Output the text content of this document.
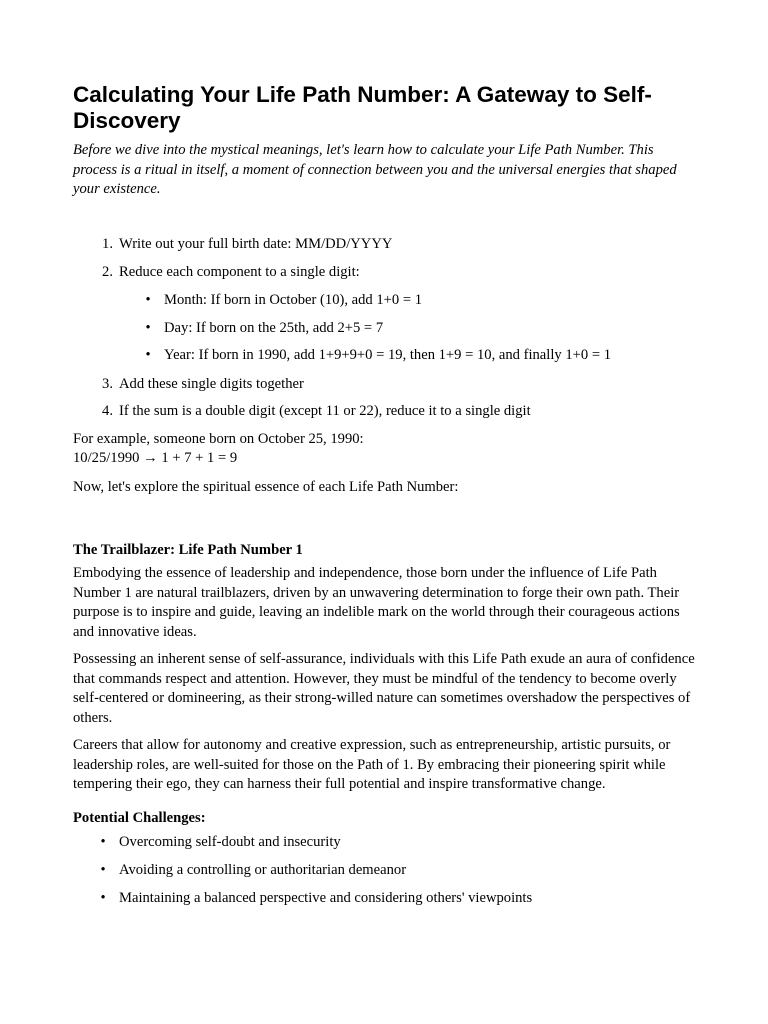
Calculating Your Life Path Number: A Gateway to Self-Discovery

Before we dive into the mystical meanings, let's learn how to calculate your Life Path Number. This process is a ritual in itself, a moment of connection between you and the universal energies that shaped your existence.

1. Write out your full birth date: MM/DD/YYYY
2. Reduce each component to a single digit:
• Month: If born in October (10), add 1+0 = 1
• Day: If born on the 25th, add 2+5 = 7
• Year: If born in 1990, add 1+9+9+0 = 19, then 1+9 = 10, and finally 1+0 = 1
3. Add these single digits together
4. If the sum is a double digit (except 11 or 22), reduce it to a single digit
For example, someone born on October 25, 1990:
10/25/1990 → 1 + 7 + 1 = 9

Now, let's explore the spiritual essence of each Life Path Number:

The Trailblazer: Life Path Number 1

Embodying the essence of leadership and independence, those born under the influence of Life Path Number 1 are natural trailblazers, driven by an unwavering determination to forge their own path. Their purpose is to inspire and guide, leaving an indelible mark on the world through their courageous actions and innovative ideas.

Possessing an inherent sense of self-assurance, individuals with this Life Path exude an aura of confidence that commands respect and attention. However, they must be mindful of the tendency to become overly self-centered or domineering, as their strong-willed nature can sometimes overshadow the perspectives of others.

Careers that allow for autonomy and creative expression, such as entrepreneurship, artistic pursuits, or leadership roles, are well-suited for those on the Path of 1. By embracing their pioneering spirit while tempering their ego, they can harness their full potential and inspire transformative change.

Potential Challenges:
• Overcoming self-doubt and insecurity
• Avoiding a controlling or authoritarian demeanor
• Maintaining a balanced perspective and considering others' viewpoints
